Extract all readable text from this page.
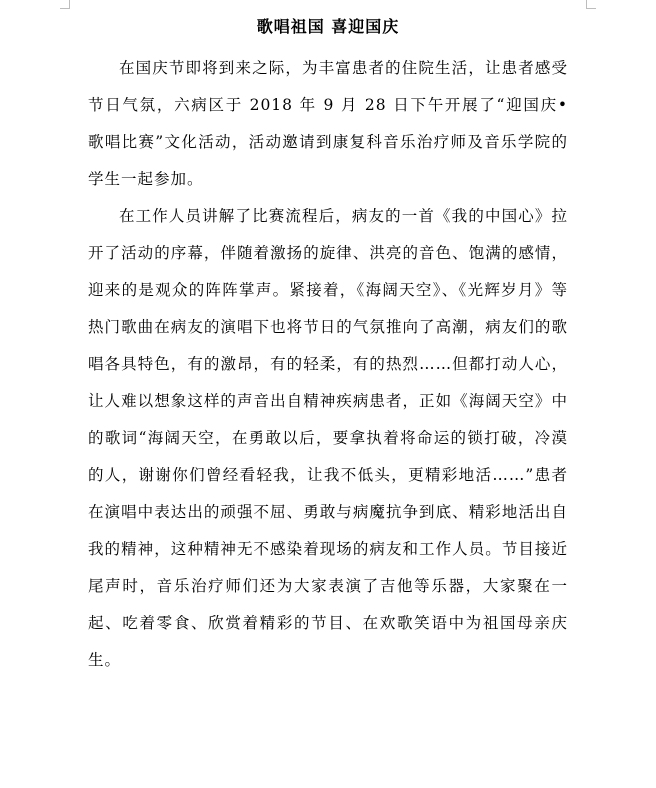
歌唱祖国 喜迎国庆

在国庆节即将到来之际，为丰富患者的住院生活，让患者感受节日气氛，六病区于 2018 年 9 月 28 日下午开展了“迎国庆• 歌唱比赛”文化活动，活动邀请到康复科音乐治疗师及音乐学院的学生一起参加。

在工作人员讲解了比赛流程后，病友的一首《我的中国心》拉开了活动的序幕，伴随着激扬的旋律、洪亮的音色、饱满的感情，迎来的是观众的阵阵掌声。紧接着，《海阔天空》、《光辉岁月》等热门歌曲在病友的演唱下也将节日的气氛推向了高潮，病友们的歌唱各具特色，有的激昂，有的轻柔，有的热烈……但都打动人心，让人难以想象这样的声音出自精神疾病患者，正如《海阔天空》中的歌词“海阔天空，在勇敢以后，要拿执着将命运的锁打破，冷漠的人，谢谢你们曾经看轻我，让我不低头，更精彩地活……”患者在演唱中表达出的顽强不屈、勇敢与病魔抗争到底、精彩地活出自我的精神，这种精神无不感染着现场的病友和工作人员。节目接近尾声时，音乐治疗师们还为大家表演了吉他等乐器，大家聚在一起、吃着零食、欣赏着精彩的节目、在欢歌笑语中为祖国母亲庆生。
